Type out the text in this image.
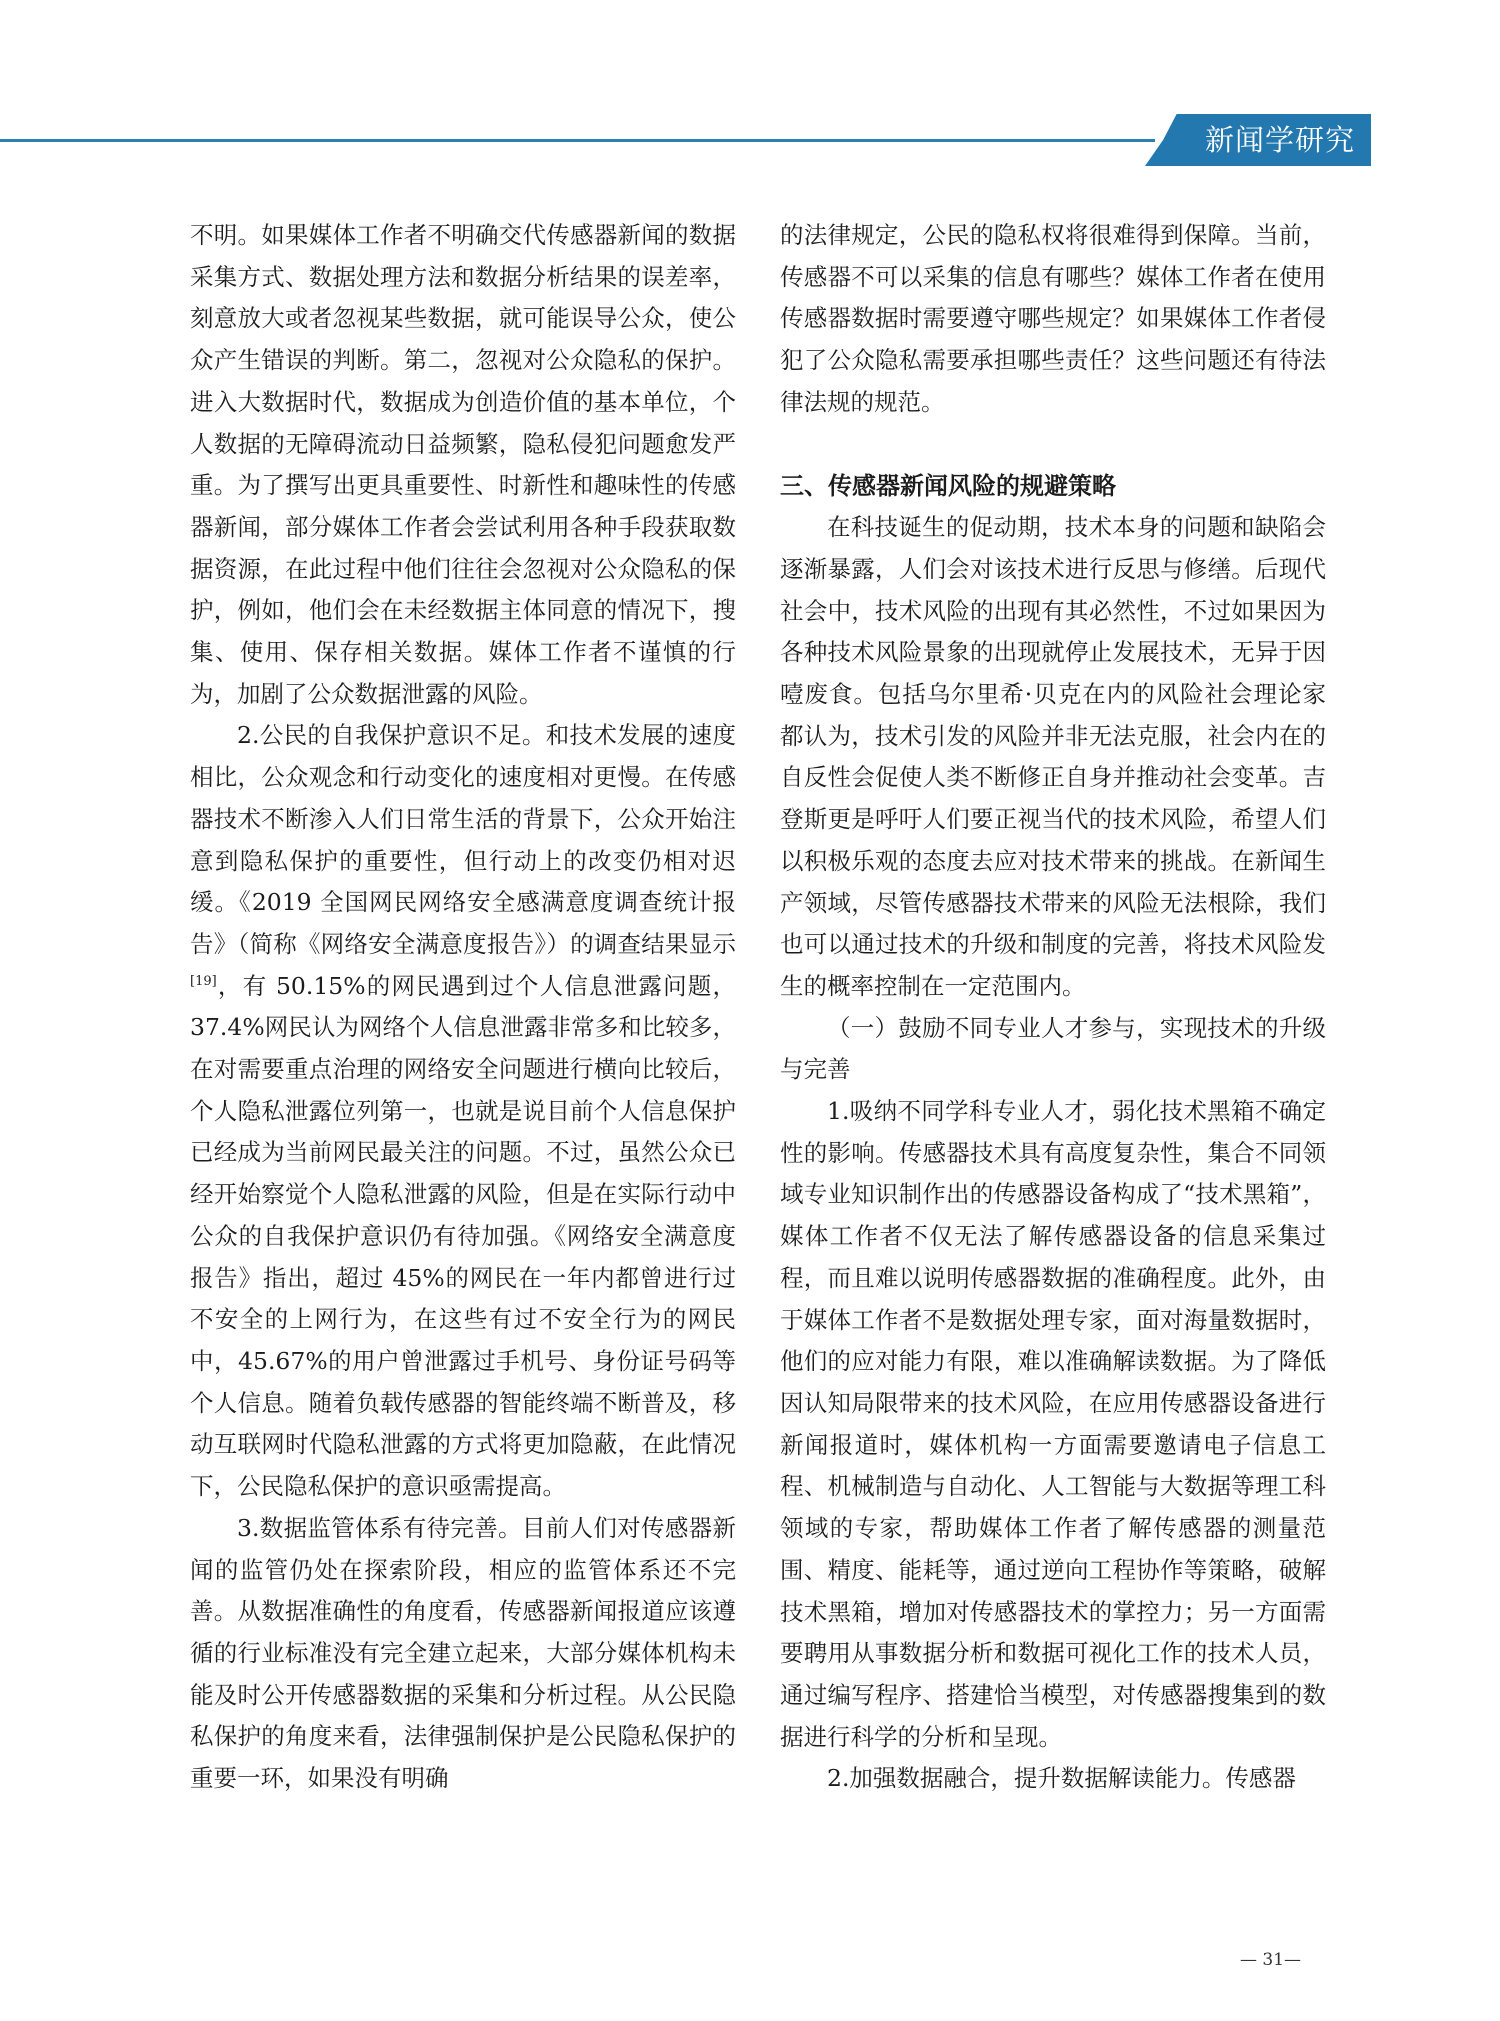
新闻学研究

不明。如果媒体工作者不明确交代传感器新闻的数据采集方式、数据处理方法和数据分析结果的误差率，刻意放大或者忽视某些数据，就可能误导公众，使公众产生错误的判断。第二，忽视对公众隐私的保护。进入大数据时代，数据成为创造价值的基本单位，个人数据的无障碍流动日益频繁，隐私侵犯问题愈发严重。为了撰写出更具重要性、时新性和趣味性的传感器新闻，部分媒体工作者会尝试利用各种手段获取数据资源，在此过程中他们往往会忽视对公众隐私的保护，例如，他们会在未经数据主体同意的情况下，搜集、使用、保存相关数据。媒体工作者不谨慎的行为，加剧了公众数据泄露的风险。

2.公民的自我保护意识不足。和技术发展的速度相比，公众观念和行动变化的速度相对更慢。在传感器技术不断渗入人们日常生活的背景下，公众开始注意到隐私保护的重要性，但行动上的改变仍相对迟缓。《2019 全国网民网络安全感满意度调查统计报告》（简称《网络安全满意度报告》）的调查结果显示[19]，有 50.15%的网民遇到过个人信息泄露问题，37.4%网民认为网络个人信息泄露非常多和比较多，在对需要重点治理的网络安全问题进行横向比较后，个人隐私泄露位列第一，也就是说目前个人信息保护已经成为当前网民最关注的问题。不过，虽然公众已经开始察觉个人隐私泄露的风险，但是在实际行动中公众的自我保护意识仍有待加强。《网络安全满意度报告》指出，超过 45%的网民在一年内都曾进行过不安全的上网行为，在这些有过不安全行为的网民中，45.67%的用户曾泄露过手机号、身份证号码等个人信息。随着负载传感器的智能终端不断普及，移动互联网时代隐私泄露的方式将更加隐蔽，在此情况下，公民隐私保护的意识亟需提高。

3.数据监管体系有待完善。目前人们对传感器新闻的监管仍处在探索阶段，相应的监管体系还不完善。从数据准确性的角度看，传感器新闻报道应该遵循的行业标准没有完全建立起来，大部分媒体机构未能及时公开传感器数据的采集和分析过程。从公民隐私保护的角度来看，法律强制保护是公民隐私保护的重要一环，如果没有明确

的法律规定，公民的隐私权将很难得到保障。当前，传感器不可以采集的信息有哪些？媒体工作者在使用传感器数据时需要遵守哪些规定？如果媒体工作者侵犯了公众隐私需要承担哪些责任？这些问题还有待法律法规的规范。

三、传感器新闻风险的规避策略

在科技诞生的促动期，技术本身的问题和缺陷会逐渐暴露，人们会对该技术进行反思与修缮。后现代社会中，技术风险的出现有其必然性，不过如果因为各种技术风险景象的出现就停止发展技术，无异于因噎废食。包括乌尔里希·贝克在内的风险社会理论家都认为，技术引发的风险并非无法克服，社会内在的自反性会促使人类不断修正自身并推动社会变革。吉登斯更是呼吁人们要正视当代的技术风险，希望人们以积极乐观的态度去应对技术带来的挑战。在新闻生产领域，尽管传感器技术带来的风险无法根除，我们也可以通过技术的升级和制度的完善，将技术风险发生的概率控制在一定范围内。

（一）鼓励不同专业人才参与，实现技术的升级与完善

1.吸纳不同学科专业人才，弱化技术黑箱不确定性的影响。传感器技术具有高度复杂性，集合不同领域专业知识制作出的传感器设备构成了“技术黑箱”，媒体工作者不仅无法了解传感器设备的信息采集过程，而且难以说明传感器数据的准确程度。此外，由于媒体工作者不是数据处理专家，面对海量数据时，他们的应对能力有限，难以准确解读数据。为了降低因认知局限带来的技术风险，在应用传感器设备进行新闻报道时，媒体机构一方面需要邀请电子信息工程、机械制造与自动化、人工智能与大数据等理工科领域的专家，帮助媒体工作者了解传感器的测量范围、精度、能耗等，通过逆向工程协作等策略，破解技术黑箱，增加对传感器技术的掌控力；另一方面需要聘用从事数据分析和数据可视化工作的技术人员，通过编写程序、搭建恰当模型，对传感器搜集到的数据进行科学的分析和呈现。

2.加强数据融合，提升数据解读能力。传感器

— 31—
